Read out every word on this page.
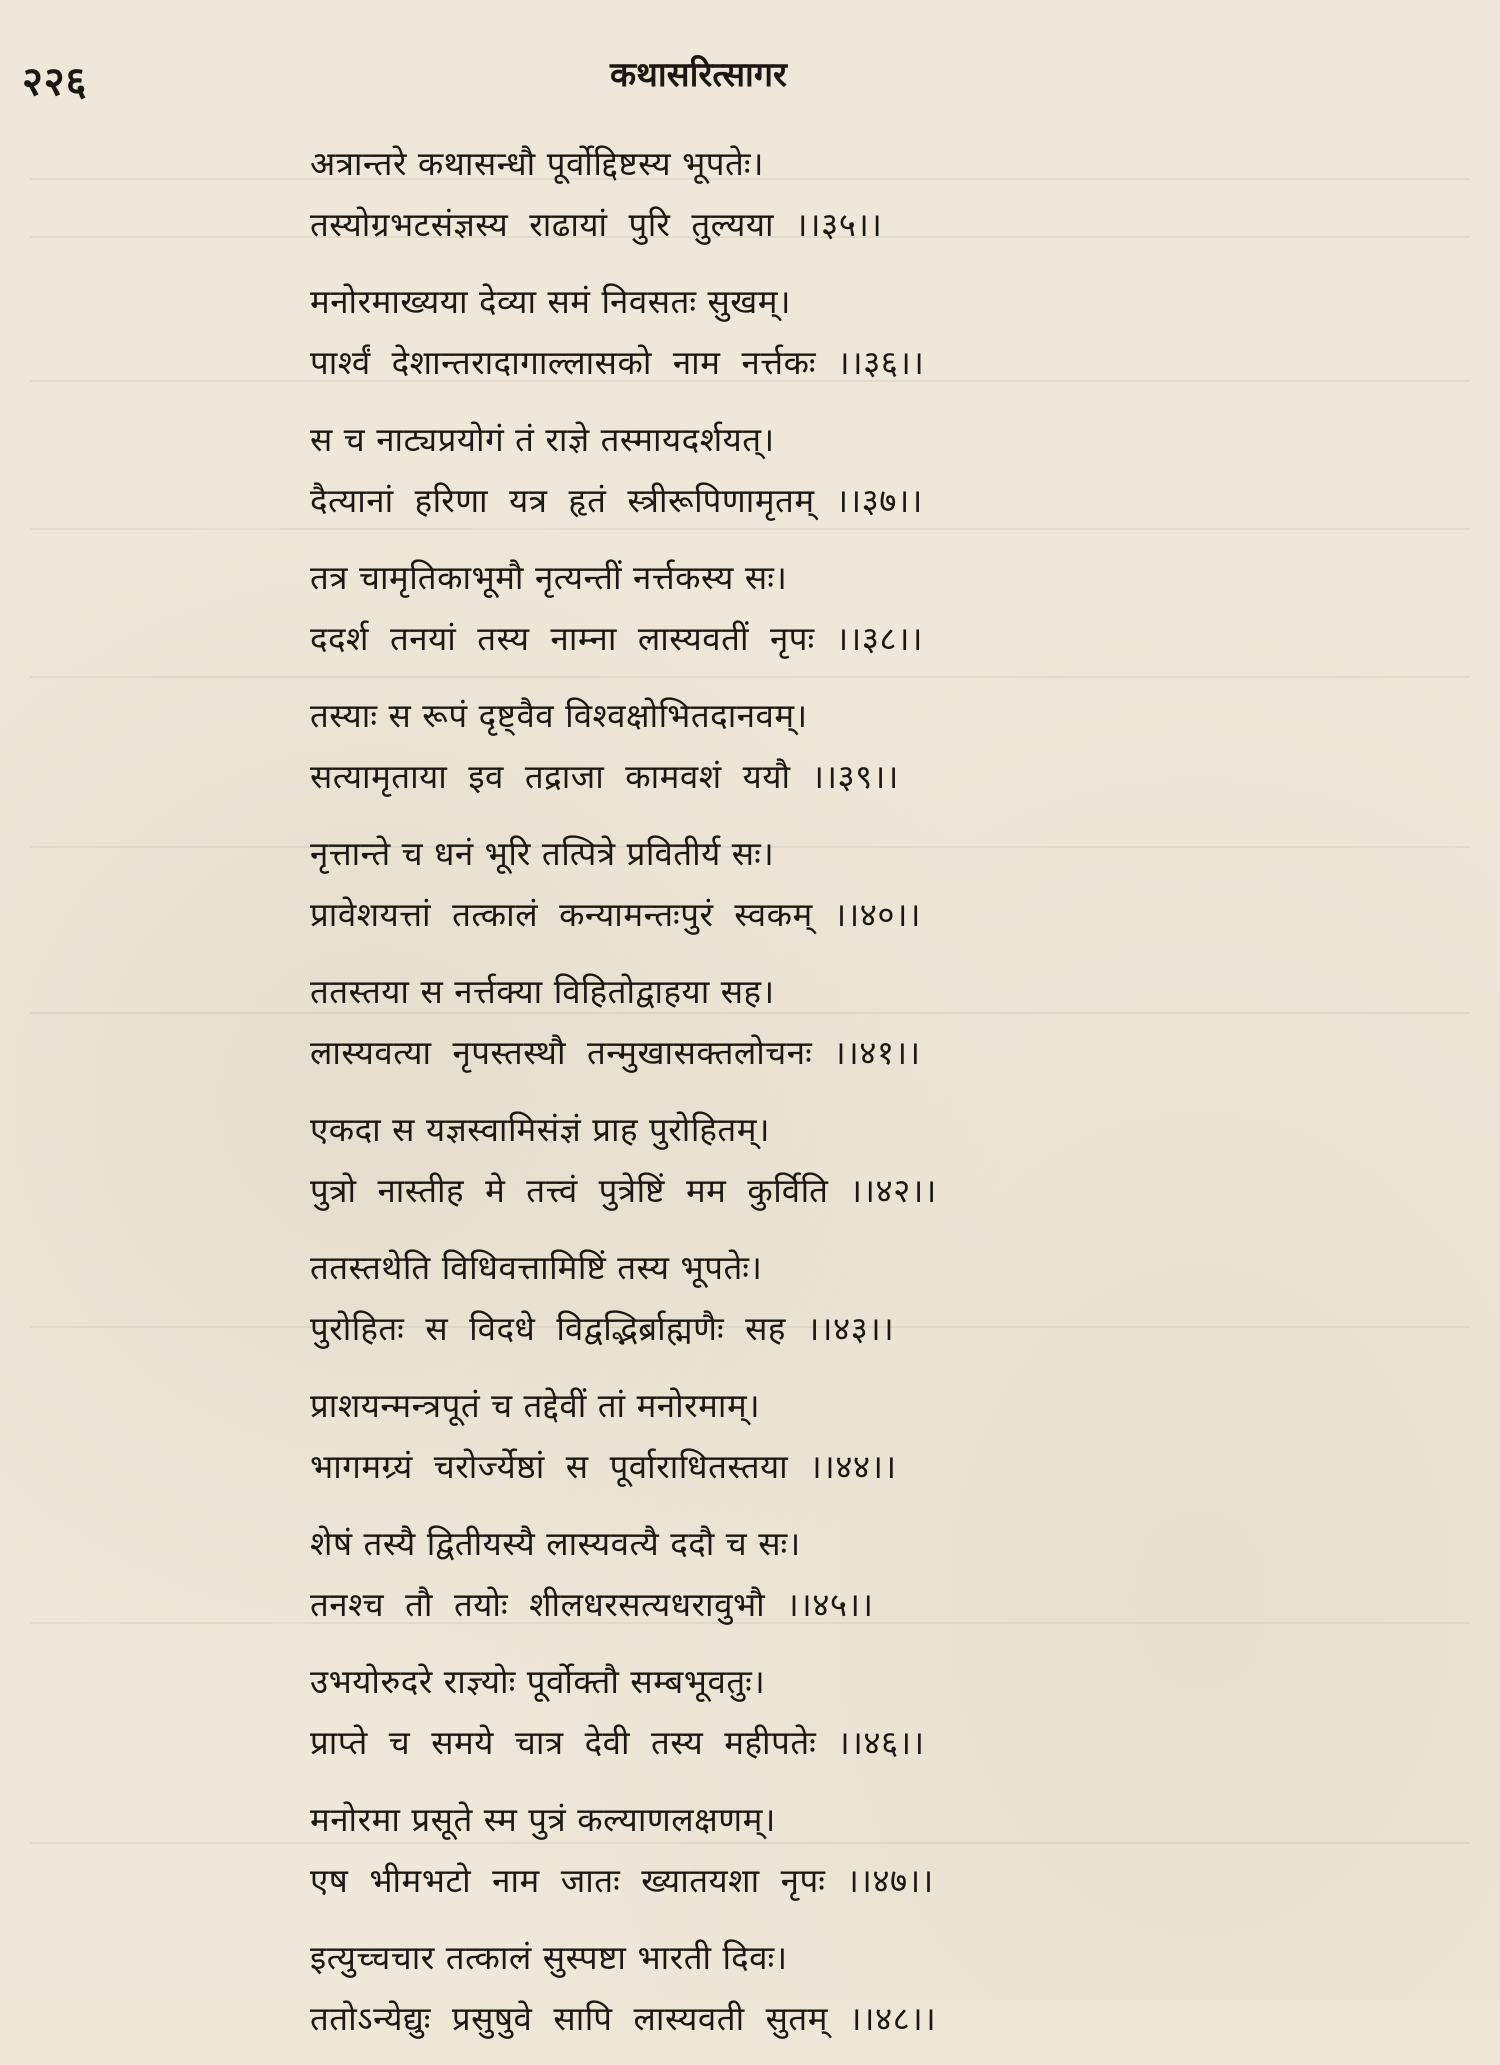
२२६	कथासरित्सागर
अत्रान्तरे कथासन्धौ पूर्वोद्दिष्टस्य भूपतेः।
तस्योग्रभटसंज्ञस्य राढायां पुरि तुल्यया ।।३५।।
मनोरमाख्यया देव्या समं निवसतः सुखम्।
पार्श्वं देशान्तरादागाल्लासको नाम नर्त्तकः ।।३६।।
स च नाट्यप्रयोगं तं राज्ञे तस्मायदर्शयत्।
दैत्यानां हरिणा यत्र हृतं स्त्रीरूपिणामृतम् ।।३७।।
तत्र चामृतिकाभूमौ नृत्यन्तीं नर्त्तकस्य सः।
ददर्श तनयां तस्य नाम्ना लास्यवतीं नृपः ।।३८।।
तस्याः स रूपं दृष्ट्वैव विश्वक्षोभितदानवम्।
सत्यामृताया इव तद्राजा कामवशं ययौ ।।३९।।
नृत्तान्ते च धनं भूरि तत्पित्रे प्रवितीर्य सः।
प्रावेशयत्तां तत्कालं कन्यामन्तःपुरं स्वकम् ।।४०।।
ततस्तया स नर्त्तक्या विहितोद्वाहया सह।
लास्यवत्या नृपस्तस्थौ तन्मुखासक्तलोचनः ।।४१।।
एकदा स यज्ञस्वामिसंज्ञं प्राह पुरोहितम्।
पुत्रो नास्तीह मे तत्त्वं पुत्रेष्टिं मम कुर्विति ।।४२।।
ततस्तथेति विधिवत्तामिष्टिं तस्य भूपतेः।
पुरोहितः स विदधे विद्वद्भिर्ब्राह्मणैः सह ।।४३।।
प्राशयन्मन्त्रपूतं च तद्देवीं तां मनोरमाम्।
भागमग्र्यं चरोर्ज्येष्ठां स पूर्वाराधितस्तया ।।४४।।
शेषं तस्यै द्वितीयस्यै लास्यवत्यै ददौ च सः।
तनश्च तौ तयोः शीलधरसत्यधरावुभौ ।।४५।।
उभयोरुदरे राज्ञ्योः पूर्वोक्तौ सम्बभूवतुः।
प्राप्ते च समये चात्र देवी तस्य महीपतेः ।।४६।।
मनोरमा प्रसूते स्म पुत्रं कल्याणलक्षणम्।
एष भीमभटो नाम जातः ख्यातयशा नृपः ।।४७।।
इत्युच्चचार तत्कालं सुस्पष्टा भारती दिवः।
ततोऽन्येद्युः प्रसुषुवे सापि लास्यवती सुतम् ।।४८।।
